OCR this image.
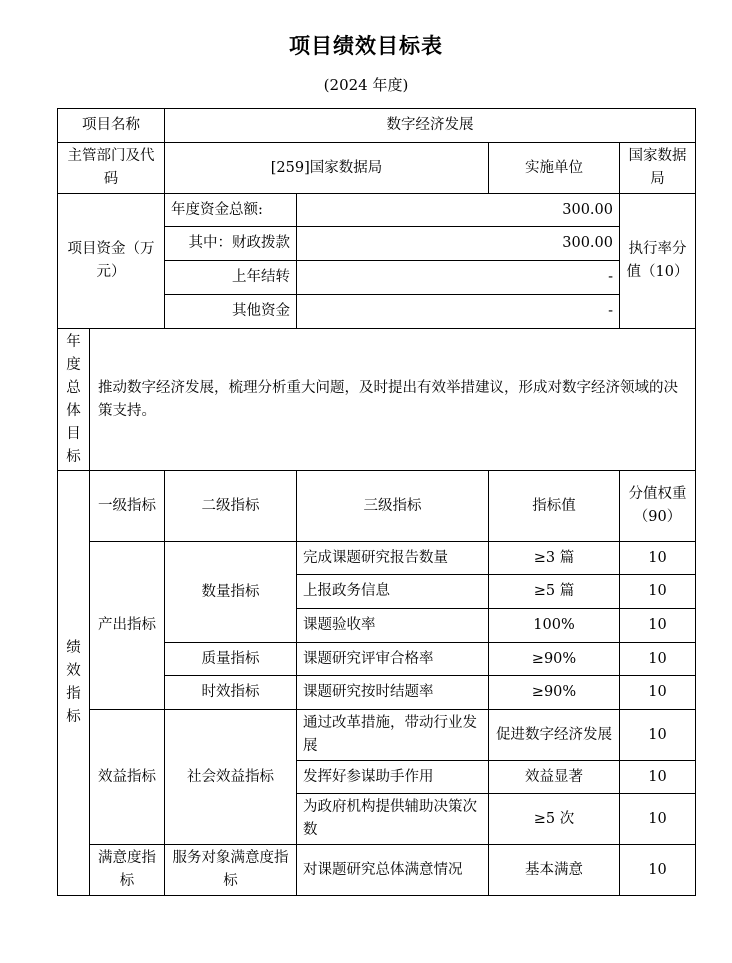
项目绩效目标表
(2024 年度)
项目名称		数字经济发展			
主管部门及代码		[259]国家数据局		实施单位	国家数据局
项目资金（万元）		年度资金总额:	300.00		执行率分值（10）
		其中：财政拨款	300.00		
		上年结转	-		
		其他资金	-		
年度总体目标	推动数字经济发展，梳理分析重大问题，及时提出有效举措建议，形成对数字经济领域的决策支持。				
绩效指标	一级指标	二级指标	三级指标	指标值	分值权重（90）
	产出指标	数量指标	完成课题研究报告数量	≥3 篇	10
			上报政务信息	≥5 篇	10
			课题验收率	100%	10
		质量指标	课题研究评审合格率	≥90%	10
		时效指标	课题研究按时结题率	≥90%	10
	效益指标	社会效益指标	通过改革措施，带动行业发展	促进数字经济发展	10
			发挥好参谋助手作用	效益显著	10
			为政府机构提供辅助决策次数	≥5 次	10
	满意度指标	服务对象满意度指标	对课题研究总体满意情况	基本满意	10
